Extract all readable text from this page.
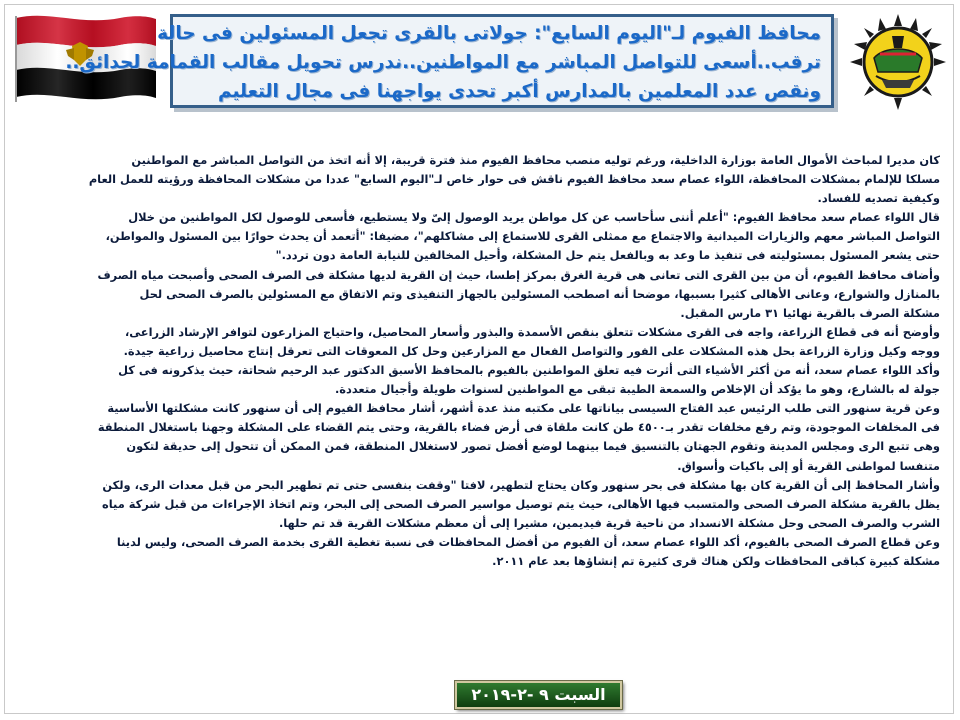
محافظ الفيوم لـ"اليوم السابع": جولاتى بالقرى تجعل المسئولين فى حالة
ترقب..أسعى للتواصل المباشر مع المواطنين..ندرس تحويل مقالب القمامة لحدائق..
ونقص عدد المعلمين بالمدارس أكبر تحدى يواجهنا فى مجال التعليم
كان مديرا لمباحث الأموال العامة بوزارة الداخلية، ورغم توليه منصب محافظ الفيوم منذ فترة قريبة، إلا أنه اتخذ من التواصل المباشر مع المواطنين
مسلكا للإلمام بمشكلات المحافظة، اللواء عصام سعد محافظ الفيوم ناقش فى حوار خاص لـ"اليوم السابع" عددا من مشكلات المحافظة ورؤيته للعمل العام
وكيفية تصديه للفساد.
قال اللواء عصام سعد محافظ الفيوم: "أعلم أننى سأحاسب عن كل مواطن يريد الوصول إلىّ ولا يستطيع، فأسعى للوصول لكل المواطنين من خلال
التواصل المباشر معهم والزيارات الميدانية والاجتماع مع ممثلى القرى للاستماع إلى مشاكلهم"، مضيفا: "أتعمد أن يحدث حوارًا بين المسئول والمواطن،
حتى يشعر المسئول بمسئوليته فى تنفيذ ما وعد به وبالفعل يتم حل المشكلة، وأحيل المخالفين للنيابة العامة دون تردد."
وأضاف محافظ الفيوم، أن من بين القرى التى تعانى هى قرية الغرق بمركز إطسا، حيث إن القرية لديها مشكلة فى الصرف الصحى وأصبحت مياه الصرف
بالمنازل والشوارع، وعانى الأهالى كثيرا بسببها، موضحا أنه اصطحب المسئولين بالجهاز التنفيذى وتم الاتفاق مع المسئولين بالصرف الصحى لحل
مشكلة الصرف بالقرية نهائيا ٣١ مارس المقبل.
وأوضح أنه فى قطاع الزراعة، واجه فى القرى مشكلات تتعلق بنقص الأسمدة والبذور وأسعار المحاصيل، واحتياج المزارعون لتوافر الإرشاد الزراعى،
ووجه وكيل وزارة الزراعة بحل هذه المشكلات على الفور والتواصل الفعال مع المزارعين وحل كل المعوقات التى تعرقل إنتاج محاصيل زراعية جيدة.
وأكد اللواء عصام سعد، أنه من أكثر الأشياء التى أثرت فيه تعلق المواطنين بالفيوم بالمحافظ الأسبق الدكتور عبد الرحيم شحاتة، حيث يذكرونه فى كل
جولة له بالشارع، وهو ما يؤكد أن الإخلاص والسمعة الطيبة تبقى مع المواطنين لسنوات طويلة وأجيال متعددة.
وعن قرية سنهور التى طلب الرئيس عبد الفتاح السيسى بياناتها على مكتبه منذ عدة أشهر، أشار محافظ الفيوم إلى أن سنهور كانت مشكلتها الأساسية
فى المخلفات الموجودة، وتم رفع مخلفات تقدر بـ٤٥٠٠ طن كانت ملقاة فى أرض فضاء بالقرية، وحتى يتم القضاء على المشكلة وجهنا باستغلال المنطقة
وهى تتبع الرى ومجلس المدينة وتقوم الجهتان بالتنسيق فيما بينهما لوضع أفضل تصور لاستغلال المنطقة، فمن الممكن أن تتحول إلى حديقة لتكون
متنفسا لمواطنى القرية أو إلى باكيات وأسواق.
وأشار المحافظ إلى أن القرية كان بها مشكلة فى بحر سنهور وكان يحتاج لتطهير، لافتا "وقفت بنفسى حتى تم تطهير البحر من قبل معدات الرى، ولكن
يظل بالقرية مشكلة الصرف الصحى والمتسبب فيها الأهالى، حيث يتم توصيل مواسير الصرف الصحى إلى البحر، وتم اتخاذ الإجراءات من قبل شركة مياه
الشرب والصرف الصحى وحل مشكلة الانسداد من ناحية قرية فيديمين، مشيرا إلى أن معظم مشكلات القرية قد تم حلها.
وعن قطاع الصرف الصحى بالفيوم، أكد اللواء عصام سعد، أن الفيوم من أفضل المحافظات فى نسبة تغطية القرى بخدمة الصرف الصحى، وليس لدينا
مشكلة كبيرة كباقى المحافظات ولكن هناك قرى كثيرة تم إنشاؤها بعد عام ٢٠١١.
السبت ٩ -٢-٢٠١٩
